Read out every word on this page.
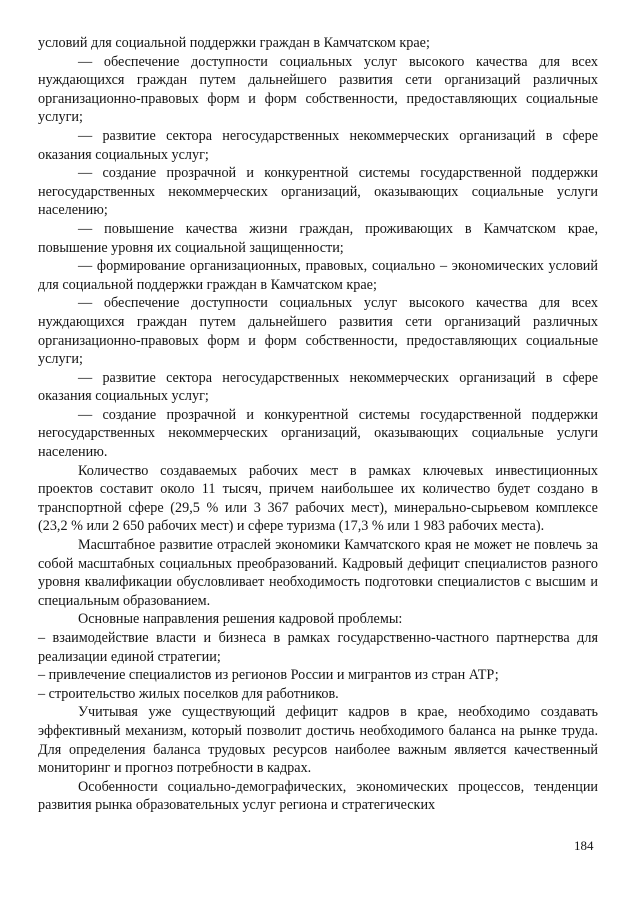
условий для социальной поддержки граждан в Камчатском крае;

— обеспечение доступности социальных услуг высокого качества для всех нуждающихся граждан путем дальнейшего развития сети организаций различных организационно-правовых форм и форм собственности, предоставляющих социальные услуги;

— развитие сектора негосударственных некоммерческих организаций в сфере оказания социальных услуг;

— создание прозрачной и конкурентной системы государственной поддержки негосударственных некоммерческих организаций, оказывающих социальные услуги населению;

— повышение качества жизни граждан, проживающих в Камчатском крае, повышение уровня их социальной защищенности;

— формирование организационных, правовых, социально – экономических условий для социальной поддержки граждан в Камчатском крае;

— обеспечение доступности социальных услуг высокого качества для всех нуждающихся граждан путем дальнейшего развития сети организаций различных организационно-правовых форм и форм собственности, предоставляющих социальные услуги;

— развитие сектора негосударственных некоммерческих организаций в сфере оказания социальных услуг;

— создание прозрачной и конкурентной системы государственной поддержки негосударственных некоммерческих организаций, оказывающих социальные услуги населению.

Количество создаваемых рабочих мест в рамках ключевых инвестиционных проектов составит около 11 тысяч, причем наибольшее их количество будет создано в транспортной сфере (29,5 % или 3 367 рабочих мест), минерально-сырьевом комплексе (23,2 % или 2 650 рабочих мест) и сфере туризма (17,3 % или 1 983 рабочих места).

Масштабное развитие отраслей экономики Камчатского края не может не повлечь за собой масштабных социальных преобразований. Кадровый дефицит специалистов разного уровня квалификации обусловливает необходимость подготовки специалистов с высшим и специальным образованием.

Основные направления решения кадровой проблемы:

– взаимодействие власти и бизнеса в рамках государственно-частного партнерства для реализации единой стратегии;

– привлечение специалистов из регионов России и мигрантов из стран АТР;

– строительство жилых поселков для работников.

Учитывая уже существующий дефицит кадров в крае, необходимо создавать эффективный механизм, который позволит достичь необходимого баланса на рынке труда. Для определения баланса трудовых ресурсов наиболее важным является качественный мониторинг и прогноз потребности в кадрах.

Особенности социально-демографических, экономических процессов, тенденции развития рынка образовательных услуг региона и стратегических

184
